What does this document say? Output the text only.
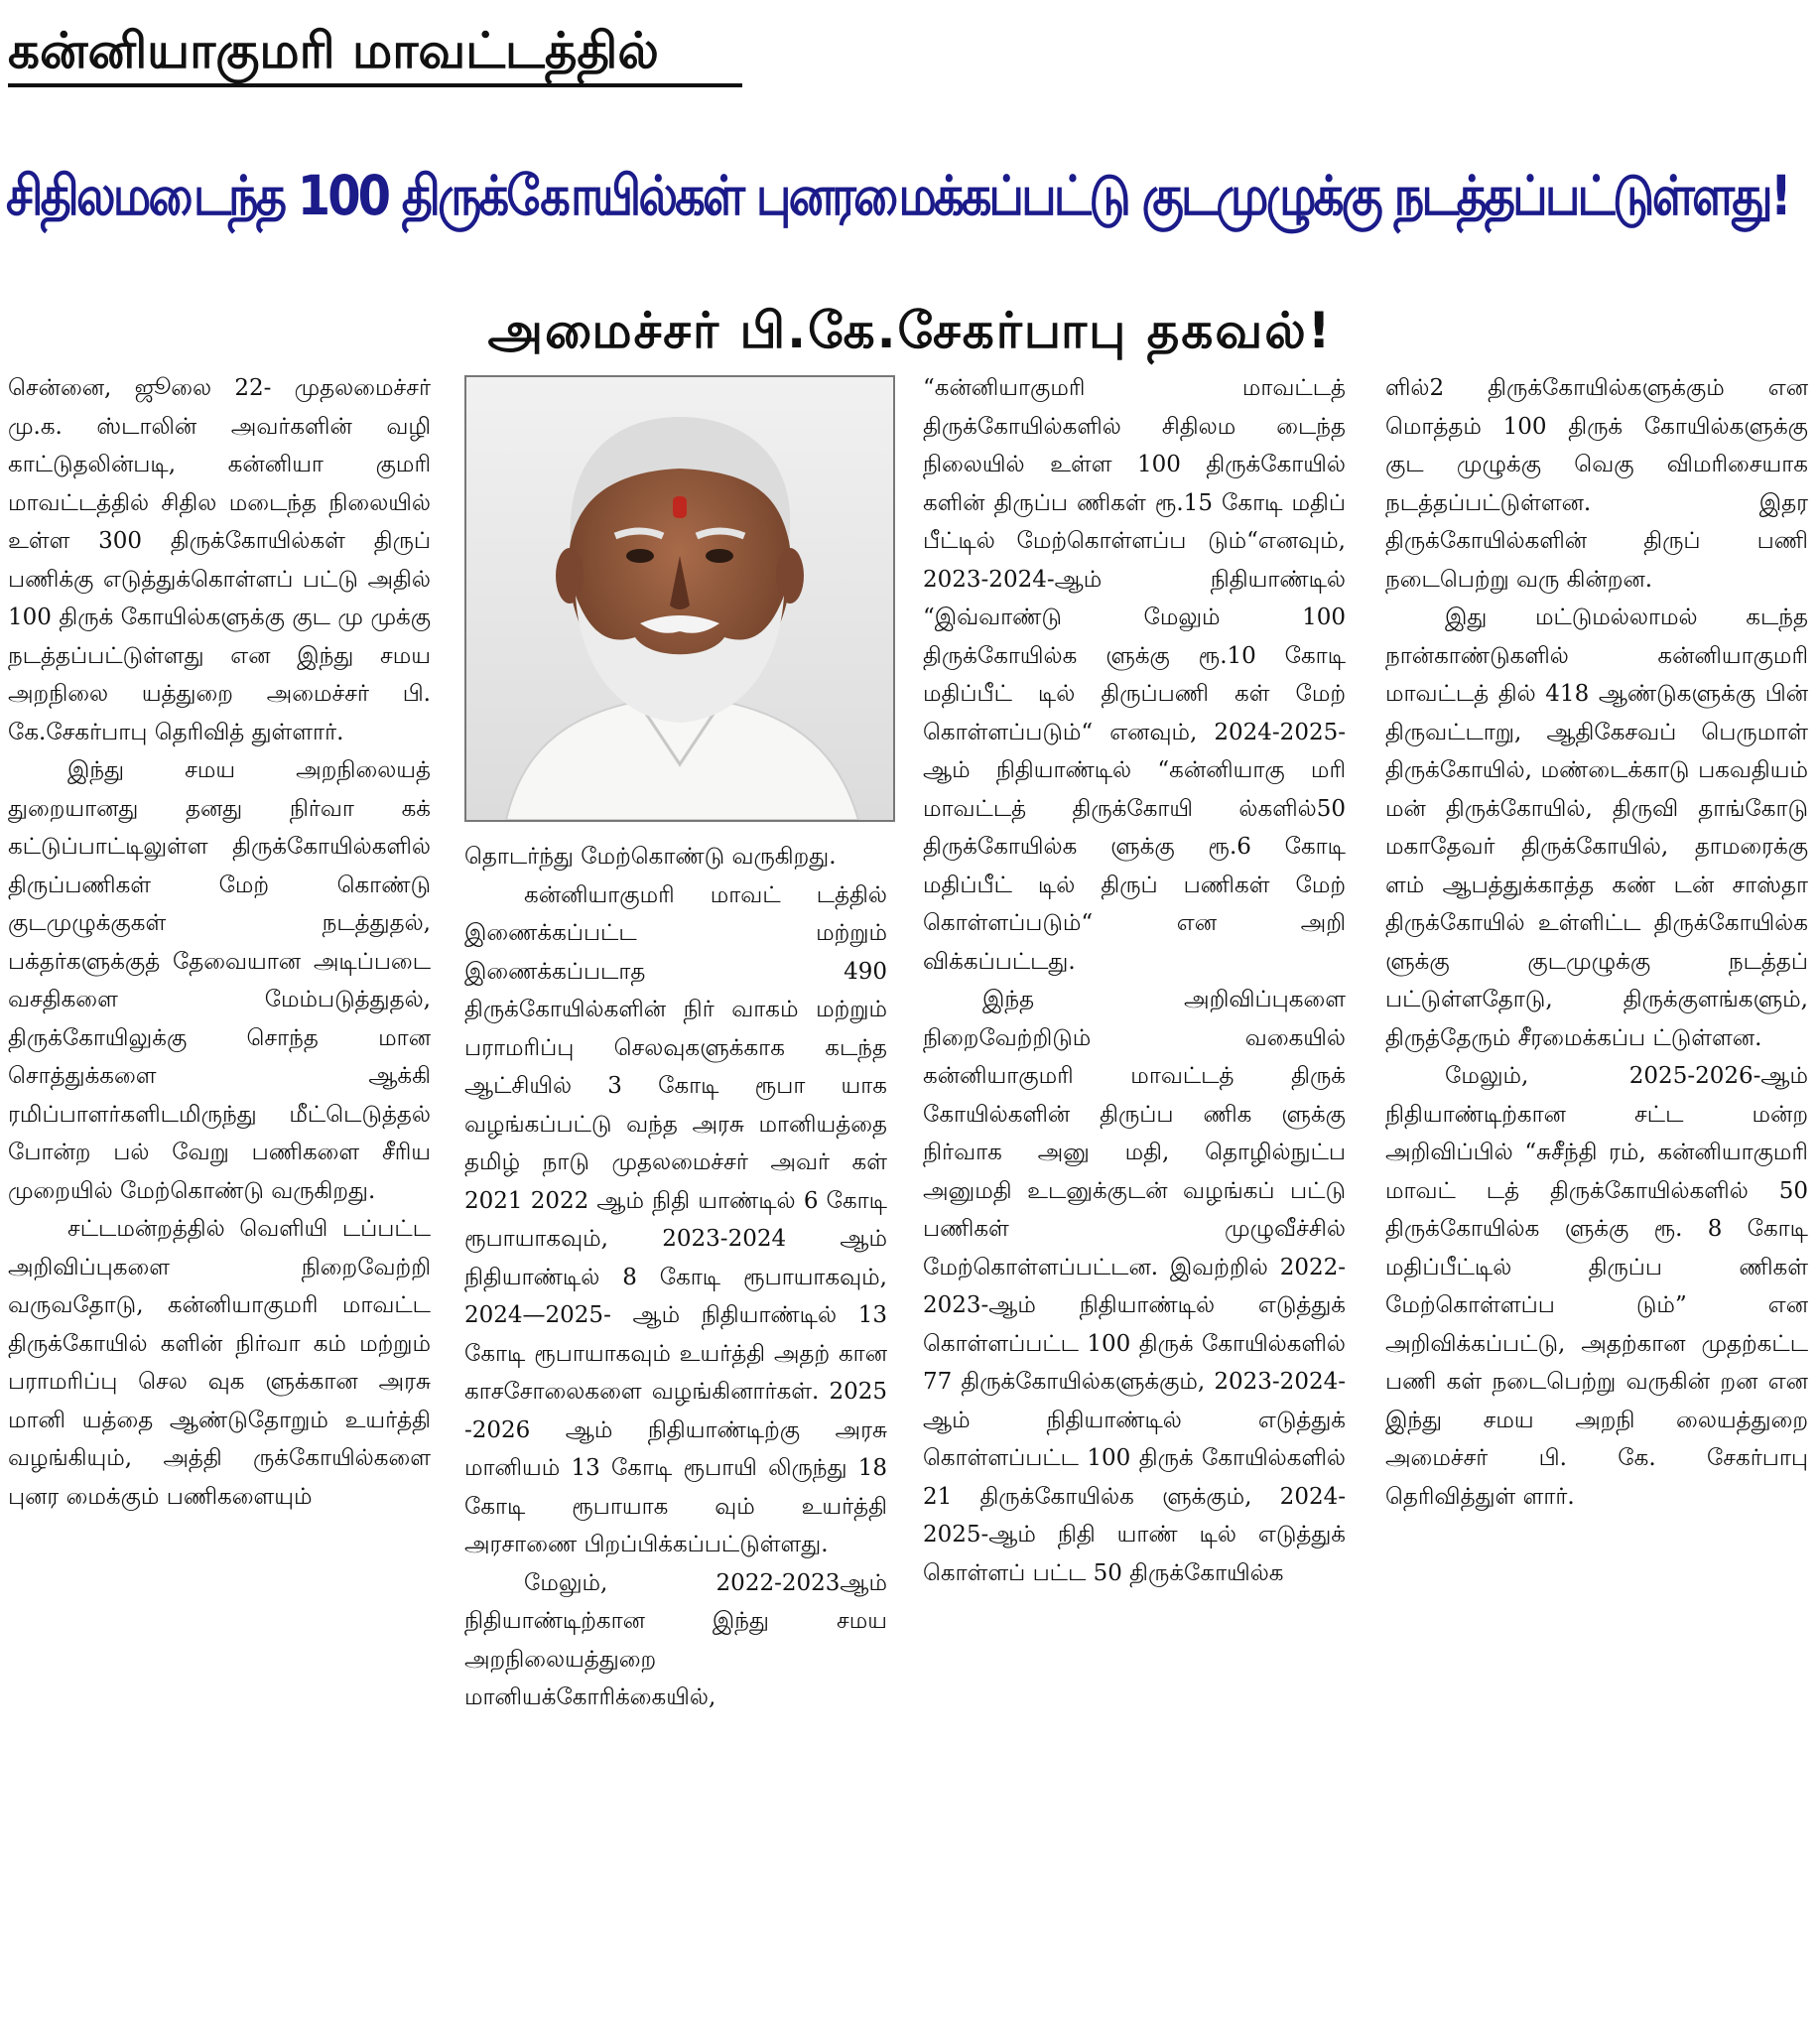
கன்னியாகுமரி மாவட்டத்தில்
சிதிலமடைந்த 100 திருக்கோயில்கள் புனரமைக்கப்பட்டு குடமுழுக்கு நடத்தப்பட்டுள்ளது!
அமைச்சர் பி.கே.சேகர்பாபு தகவல்!

சென்னை, ஜூலை 22- முதலமைச்சர் மு.க. ஸ்டாலின் அவர்களின் வழி காட்டுதலின்படி, கன்னியா குமரி மாவட்டத்தில் சிதில மடைந்த நிலையில் உள்ள 300 திருக்கோயில்கள் திருப் பணிக்கு எடுத்துக்கொள்ளப் பட்டு அதில் 100 திருக் கோயில்களுக்கு குட மு முக்கு நடத்தப்பட்டுள்ளது என இந்து சமய அறநிலை யத்துறை அமைச்சர் பி. கே.சேகர்பாபு தெரிவித் துள்ளார்.

இந்து சமய அறநிலையத் துறையானது தனது நிர்வா கக் கட்டுப்பாட்டிலுள்ள திருக்கோயில்களில் திருப்பணிகள் மேற் கொண்டு குடமுழுக்குகள் நடத்துதல், பக்தர்களுக்குத் தேவையான அடிப்படை வசதிகளை மேம்படுத்துதல், திருக்கோயிலுக்கு சொந்த மான சொத்துக்களை ஆக்கி ரமிப்பாளர்களிடமிருந்து மீட்டெடுத்தல் போன்ற பல் வேறு பணிகளை சீரிய முறையில் மேற்கொண்டு வருகிறது.

சட்டமன்றத்தில் வெளியி டப்பட்ட அறிவிப்புகளை நிறைவேற்றி வருவதோடு, கன்னியாகுமரி மாவட்ட திருக்கோயில் களின் நிர்வா கம் மற்றும் பராமரிப்பு செல வுக ளுக்கான அரசு மானி யத்தை ஆண்டுதோறும் உயர்த்தி வழங்கியும், அத்தி ருக்கோயில்களை புனர மைக்கும் பணிகளையும்

தொடர்ந்து மேற்கொண்டு வருகிறது.

கன்னியாகுமரி மாவட் டத்தில் இணைக்கப்பட்ட மற்றும் இணைக்கப்படாத 490 திருக்கோயில்களின் நிர் வாகம் மற்றும் பராமரிப்பு செலவுகளுக்காக கடந்த ஆட்சியில் 3 கோடி ரூபா யாக வழங்கப்பட்டு வந்த அரசு மானியத்தை தமிழ் நாடு முதலமைச்சர் அவர் கள் 2021 2022 ஆம் நிதி யாண்டில் 6 கோடி ரூபாயாகவும், 2023-2024 ஆம் நிதியாண்டில் 8 கோடி ரூபாயாகவும், 2024—2025- ஆம் நிதியாண்டில் 13 கோடி ரூபாயாகவும் உயர்த்தி அதற் கான காசசோலைகளை வழங்கினார்கள். 2025 -2026 ஆம் நிதியாண்டிற்கு அரசு மானியம் 13 கோடி ரூபாயி லிருந்து 18 கோடி ரூபாயாக வும் உயர்த்தி அரசாணை பிறப்பிக்கப்பட்டுள்ளது.

மேலும், 2022-2023ஆம் நிதியாண்டிற்கான இந்து சமய அறநிலையத்துறை மானியக்கோரிக்கையில்,

“கன்னியாகுமரி மாவட்டத் திருக்கோயில்களில் சிதிலம டைந்த நிலையில் உள்ள 100 திருக்கோயில் களின் திருப்ப ணிகள் ரூ.15 கோடி மதிப் பீட்டில் மேற்கொள்ளப்ப டும்“எனவும், 2023-2024-ஆம் நிதியாண்டில் “இவ்வாண்டு மேலும் 100 திருக்கோயில்க ளுக்கு ரூ.10 கோடி மதிப்பீட் டில் திருப்பணி கள் மேற் கொள்ளப்படும்“ எனவும், 2024-2025-ஆம் நிதியாண்டில் “கன்னியாகு மரி மாவட்டத் திருக்கோயி ல்களில்50 திருக்கோயில்க ளுக்கு ரூ.6 கோடி மதிப்பீட் டில் திருப் பணிகள் மேற் கொள்ளப்படும்“ என அறி விக்கப்பட்டது.

இந்த அறிவிப்புகளை நிறைவேற்றிடும் வகையில் கன்னியாகுமரி மாவட்டத் திருக் கோயில்களின் திருப்ப ணிக ளுக்கு நிர்வாக அனு மதி, தொழில்நுட்ப அனுமதி உடனுக்குடன் வழங்கப் பட்டு பணிகள் முழுவீச்சில் மேற்கொள்ளப்பட்டன. இவற்றில் 2022-2023-ஆம் நிதியாண்டில் எடுத்துக் கொள்ளப்பட்ட 100 திருக் கோயில்களில் 77 திருக்கோயில்களுக்கும், 2023-2024-ஆம் நிதியாண்டில் எடுத்துக் கொள்ளப்பட்ட 100 திருக் கோயில்களில் 21 திருக்கோயில்க ளுக்கும், 2024-2025-ஆம் நிதி யாண் டில் எடுத்துக் கொள்ளப் பட்ட 50 திருக்கோயில்க

ளில்2 திருக்கோயில்களுக்கும் என மொத்தம் 100 திருக் கோயில்களுக்கு குட முழுக்கு வெகு விமரிசையாக நடத்தப்பட்டுள்ளன. இதர திருக்கோயில்களின் திருப் பணி நடைபெற்று வரு கின்றன.

இது மட்டுமல்லாமல் கடந்த நான்காண்டுகளில் கன்னியாகுமரி மாவட்டத் தில் 418 ஆண்டுகளுக்கு பின் திருவட்டாறு, ஆதிகேசவப் பெருமாள் திருக்கோயில், மண்டைக்காடு பகவதியம் மன் திருக்கோயில், திருவி தாங்கோடு மகாதேவர் திருக்கோயில், தாமரைக்கு ளம் ஆபத்துக்காத்த கண் டன் சாஸ்தா திருக்கோயில் உள்ளிட்ட திருக்கோயில்க ளுக்கு குடமுழுக்கு நடத்தப் பட்டுள்ளதோடு, திருக்குளங்களும், திருத்தேரும் சீரமைக்கப்ப ட்டுள்ளன.

மேலும், 2025-2026-ஆம் நிதியாண்டிற்கான சட்ட மன்ற அறிவிப்பில் “சுசீந்தி ரம், கன்னியாகுமரி மாவட் டத் திருக்கோயில்களில் 50 திருக்கோயில்க ளுக்கு ரூ. 8 கோடி மதிப்பீட்டில் திருப்ப ணிகள் மேற்கொள்ளப்ப டும்” என அறிவிக்கப்பட்டு, அதற்கான முதற்கட்ட பணி கள் நடைபெற்று வருகின் றன என இந்து சமய அறநி லையத்துறை அமைச்சர் பி. கே. சேகர்பாபு தெரிவித்துள் ளார்.
